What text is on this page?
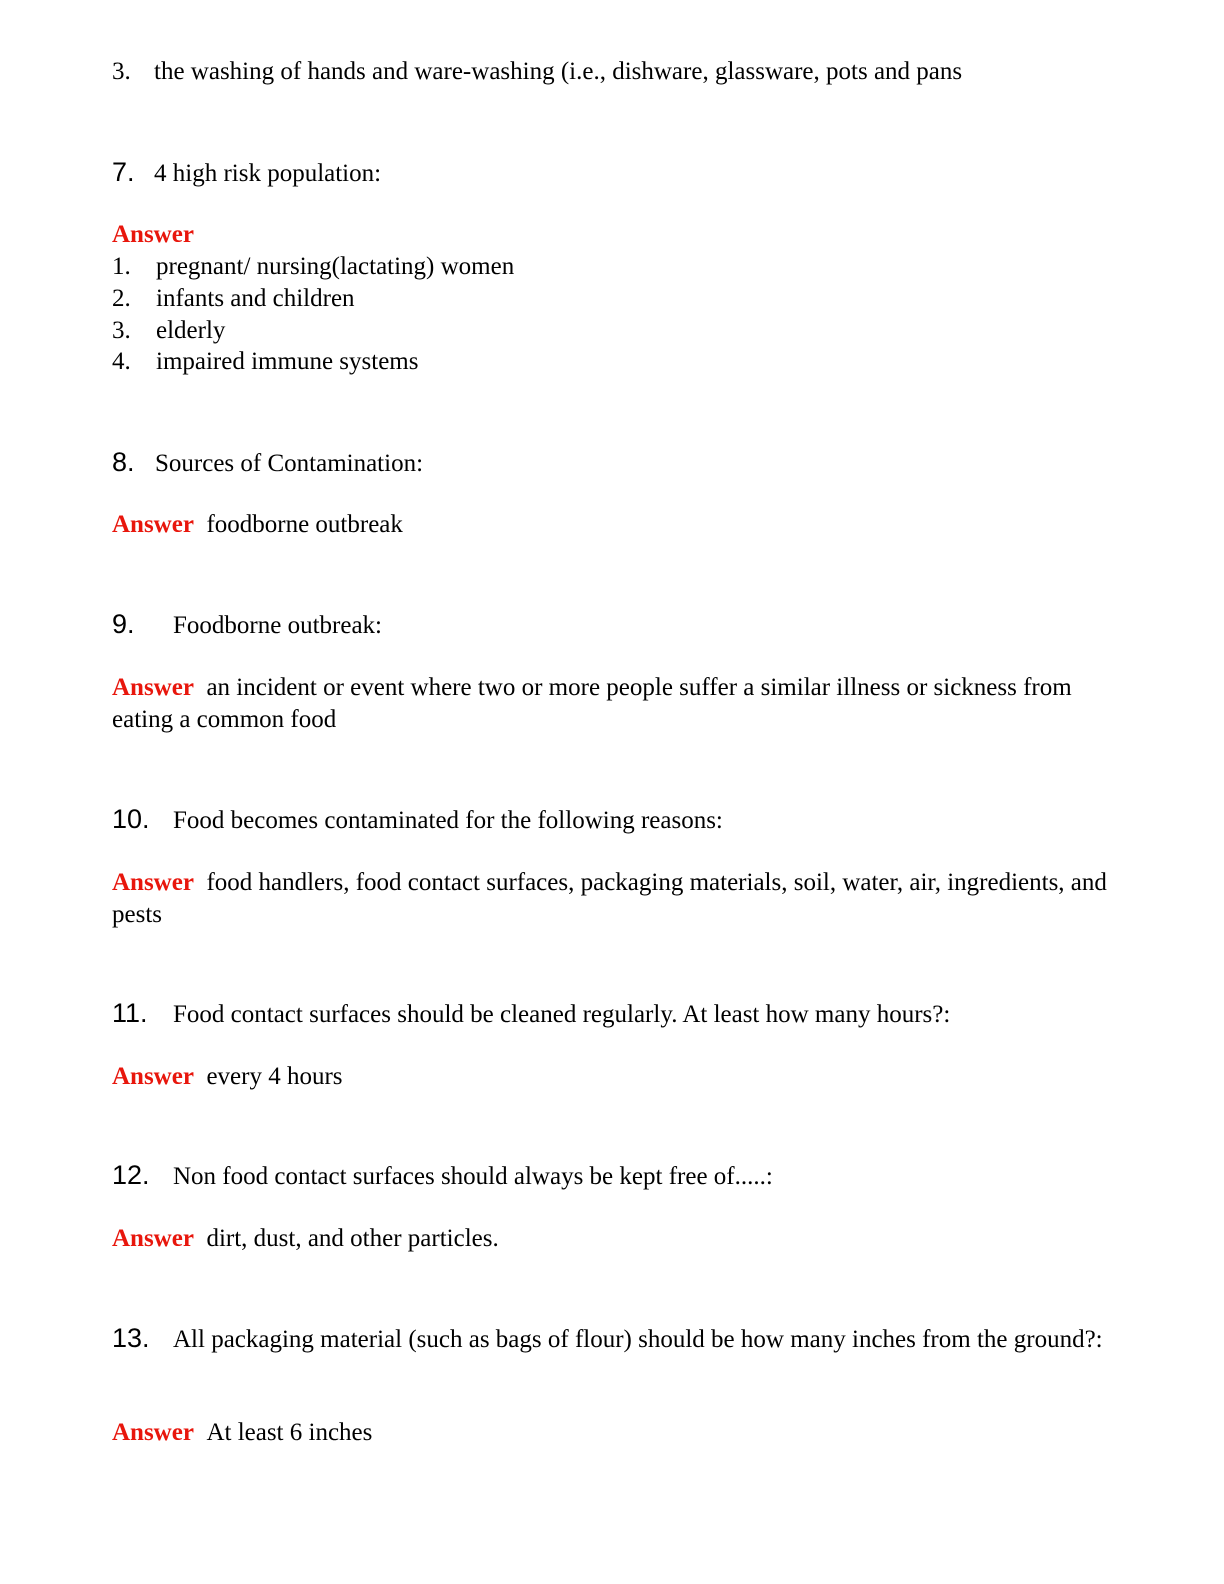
3. the washing of hands and ware-washing (i.e., dishware, glassware, pots and pans
7. 4 high risk population:
Answer
1. pregnant/ nursing(lactating) women
2. infants and children
3. elderly
4. impaired immune systems
8. Sources of Contamination:
Answer foodborne outbreak
9. Foodborne outbreak:
Answer an incident or event where two or more people suffer a similar illness or sickness from eating a common food
10. Food becomes contaminated for the following reasons:
Answer food handlers, food contact surfaces, packaging materials, soil, water, air, ingredients, and pests
11. Food contact surfaces should be cleaned regularly. At least how many hours?:
Answer every 4 hours
12. Non food contact surfaces should always be kept free of.....:
Answer dirt, dust, and other particles.
13. All packaging material (such as bags of flour) should be how many inches from the ground?:
Answer At least 6 inches
